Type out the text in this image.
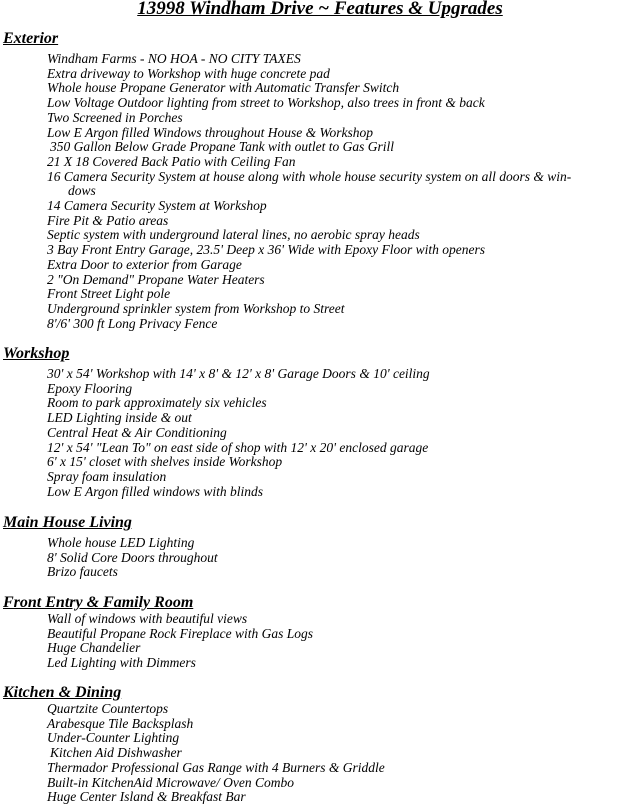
13998 Windham Drive ~ Features & Upgrades
Exterior
Windham Farms - NO HOA - NO CITY TAXES
Extra driveway to Workshop with huge concrete pad
Whole house Propane Generator with Automatic Transfer Switch
Low Voltage Outdoor lighting from street to Workshop, also trees in front & back
Two Screened in Porches
Low E Argon filled Windows throughout House & Workshop
350 Gallon Below Grade Propane Tank with outlet to Gas Grill
21 X 18 Covered Back Patio with Ceiling Fan
16 Camera Security System at house along with whole house security system on all doors & win-
dows
14 Camera Security System at Workshop
Fire Pit & Patio areas
Septic system with underground lateral lines, no aerobic spray heads
3 Bay Front Entry Garage, 23.5' Deep x 36' Wide with Epoxy Floor with openers
Extra Door to exterior from Garage
2 "On Demand" Propane Water Heaters
Front Street Light pole
Underground sprinkler system from Workshop to Street
8'/6' 300 ft Long Privacy Fence
Workshop
30' x 54' Workshop with 14' x 8' & 12' x 8' Garage Doors & 10' ceiling
Epoxy Flooring
Room to park approximately six vehicles
LED Lighting inside & out
Central Heat & Air Conditioning
12' x 54' "Lean To" on east side of shop with 12' x 20' enclosed garage
6' x 15' closet with shelves inside Workshop
Spray foam insulation
Low E Argon filled windows with blinds
Main House Living
Whole house LED Lighting
8' Solid Core Doors throughout
Brizo faucets
Front Entry & Family Room
Wall of windows with beautiful views
Beautiful Propane Rock Fireplace with Gas Logs
Huge Chandelier
Led Lighting with Dimmers
Kitchen & Dining
Quartzite Countertops
Arabesque Tile Backsplash
Under-Counter Lighting
Kitchen Aid Dishwasher
Thermador Professional Gas Range with 4 Burners & Griddle
Built-in KitchenAid Microwave/ Oven Combo
Huge Center Island & Breakfast Bar
